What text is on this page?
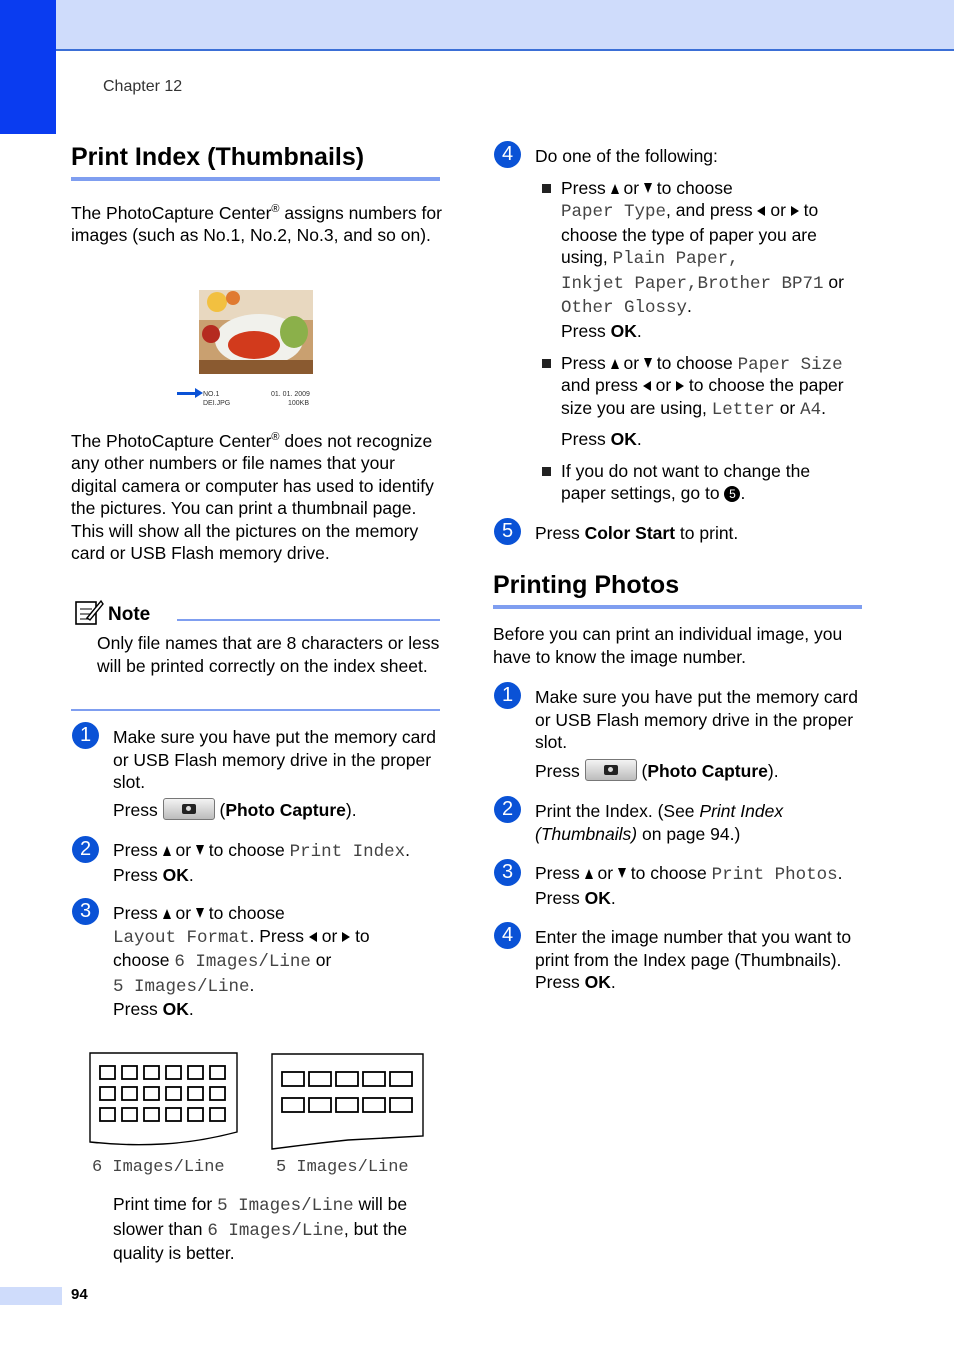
Chapter 12
Print Index (Thumbnails)
The PhotoCapture Center® assigns numbers for images (such as No.1, No.2, No.3, and so on).
NO.1
DEI.JPG
01. 01. 2009
100KB
The PhotoCapture Center® does not recognize any other numbers or file names that your digital camera or computer has used to identify the pictures. You can print a thumbnail page. This will show all the pictures on the memory card or USB Flash memory drive.
Note
Only file names that are 8 characters or less will be printed correctly on the index sheet.
1	Make sure you have put the memory card or USB Flash memory drive in the proper slot.
Press	(Photo Capture).
2	Press or to choose Print Index.
Press OK.
3	Press or to choose
Layout Format. Press or to
choose 6 Images/Line or
5 Images/Line.
Press OK.
6 Images/Line	5 Images/Line
Print time for 5 Images/Line will be slower than 6 Images/Line, but the quality is better.
4	Do one of the following:
Press or to choose
Paper Type, and press or to
choose the type of paper you are
using, Plain Paper,
Inkjet Paper,Brother BP71 or
Other Glossy.
Press OK.
Press or to choose Paper Size
and press or to choose the paper
size you are using, Letter or A4.
Press OK.
If you do not want to change the
paper settings, go to 5 .
5	Press Color Start to print.
Printing Photos
Before you can print an individual image, you have to know the image number.
1	Make sure you have put the memory card or USB Flash memory drive in the proper slot.
Press	(Photo Capture).
2	Print the Index. (See Print Index (Thumbnails) on page 94.)
3	Press or to choose Print Photos.
Press OK.
4	Enter the image number that you want to print from the Index page (Thumbnails).
Press OK.
94
